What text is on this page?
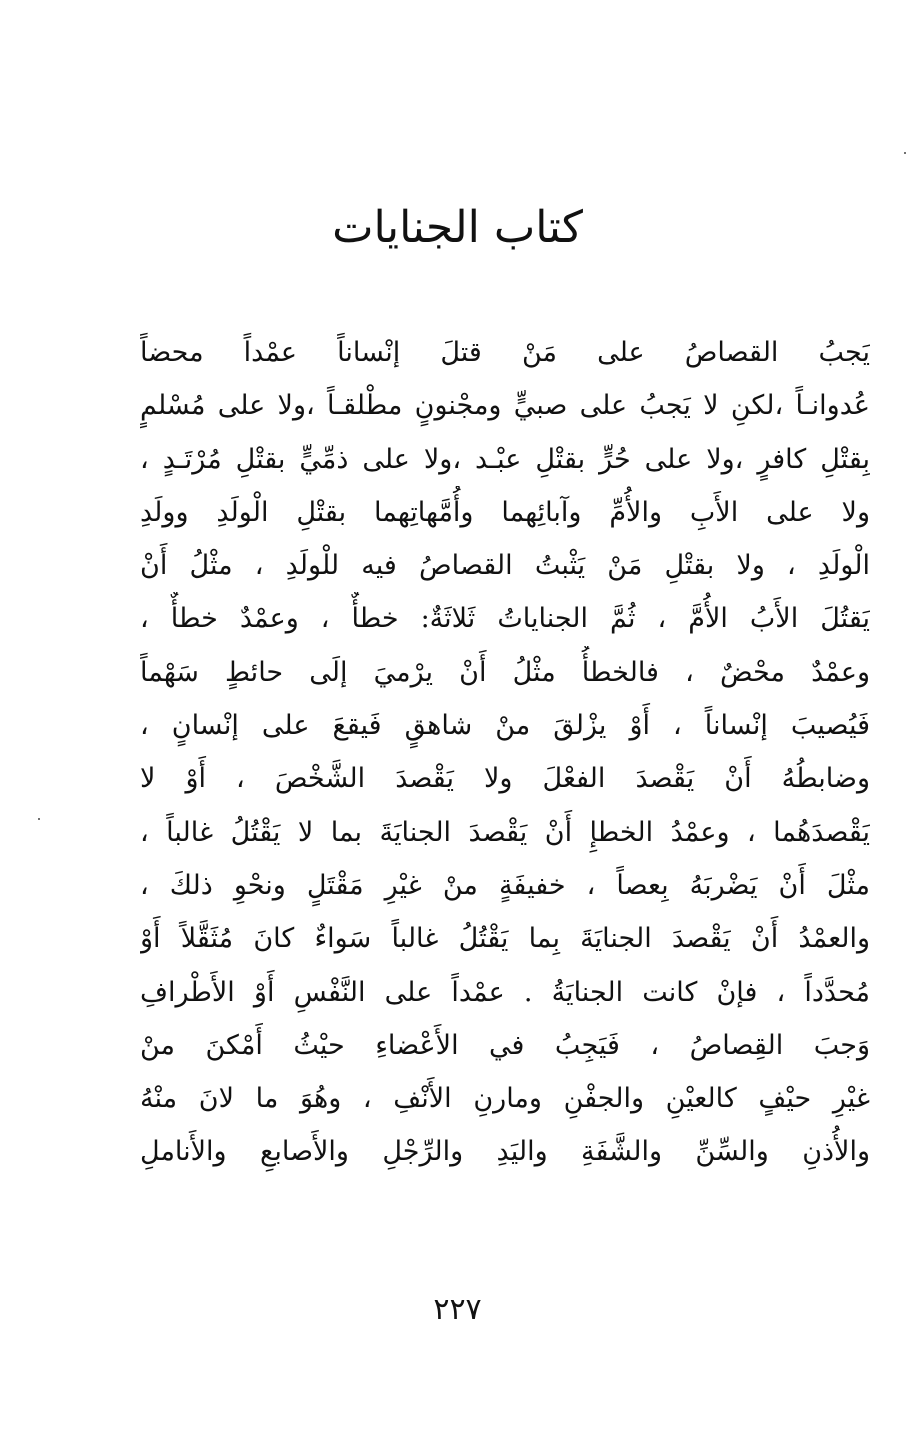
كتاب الجنايات
يَجبُ القصاصُ على مَنْ قتلَ إنْساناً عمْداً محضاً
عُدوانـاً ،لكنِ لا يَجبُ على صبيٍّ ومجْنونٍ مطْلقـاً ،ولا على مُسْلمٍ
بِقتْلِ كافرٍ ،ولا على حُرٍّ بقتْلِ عبْـد ،ولا على ذمِّيٍّ بقتْلِ مُرْتَـدٍ ،
ولا على الأَبِ والأُمِّ وآبائِهما وأُمَّهاتِهما بقتْلِ الْولَدِ وولَدِ
الْولَدِ ، ولا بقتْلِ مَنْ يَثْبتُ القصاصُ فيه للْولَدِ ، مثْلُ أَنْ
يَقتُلَ الأَبُ الأُمَّ ، ثُمَّ الجناياتُ ثَلاثَةٌ: خطأٌ ، وعمْدٌ خطأٌ ،
وعمْدٌ محْضٌ ، فالخطأُ مثْلُ أَنْ يرْميَ إلَى حائطٍ سَهْماً
فَيُصيبَ إنْساناً ، أَوْ يزْلقَ منْ شاهقٍ فَيقعَ على إنْسانٍ ،
وضابطُهُ أَنْ يَقْصدَ الفعْلَ ولا يَقْصدَ الشَّخْصَ ، أَوْ لا
يَقْصدَهُما ، وعمْدُ الخطإِ أَنْ يَقْصدَ الجنايَةَ بما لا يَقْتُلُ غالباً ،
مثْلَ أَنْ يَضْربَهُ بِعصاً ، خفيفَةٍ منْ غيْرِ مَقْتَلٍ ونحْوِ ذلكَ ،
والعمْدُ أَنْ يَقْصدَ الجنايَةَ بِما يَقْتُلُ غالباً سَواءٌ كانَ مُثَقَّلاً أَوْ
مُحدَّداً ، فإنْ كانت الجنايَةُ . عمْداً على النَّفْسِ أَوْ الأَطْرافِ
وَجبَ القِصاصُ ، فَيَجِبُ في الأَعْضاءِ حيْثُ أَمْكنَ منْ
غيْرِ حيْفٍ كالعيْنِ والجفْنِ ومارنِ الأَنْفِ ، وهُوَ ما لانَ منْهُ
والأُذنِ والسِّنِّ والشَّفَةِ واليَدِ والرِّجْلِ والأَصابعِ والأَناملِ
٢٢٧
